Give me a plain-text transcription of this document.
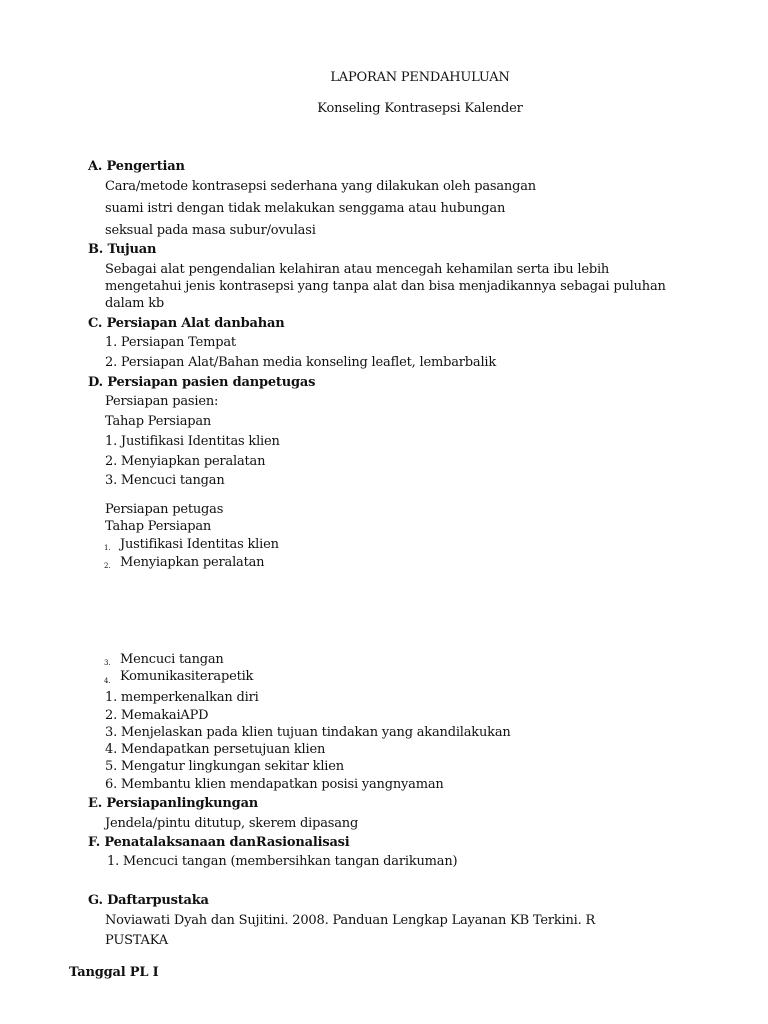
LAPORAN PENDAHULUAN
Konseling Kontrasepsi Kalender
A. Pengertian
Cara/metode kontrasepsi sederhana yang dilakukan oleh pasangan
suami istri dengan tidak melakukan senggama atau hubungan
seksual pada masa subur/ovulasi
B. Tujuan
Sebagai alat pengendalian kelahiran atau mencegah kehamilan serta ibu lebih
mengetahui jenis kontrasepsi yang tanpa alat dan bisa menjadikannya sebagai puluhan
dalam kb
C. Persiapan Alat danbahan
1. Persiapan Tempat
2. Persiapan Alat/Bahan media konseling leaflet, lembarbalik
D. Persiapan pasien danpetugas
Persiapan pasien:
Tahap Persiapan
1. Justifikasi Identitas klien
2. Menyiapkan peralatan
3. Mencuci tangan
Persiapan petugas
Tahap Persiapan
1. Justifikasi Identitas klien
2. Menyiapkan peralatan
3. Mencuci tangan
4. Komunikasiterapetik
1. memperkenalkan diri
2. MemakaiAPD
3. Menjelaskan pada klien tujuan tindakan yang akandilakukan
4. Mendapatkan persetujuan klien
5. Mengatur lingkungan sekitar klien
6. Membantu klien mendapatkan posisi yangnyaman
E. Persiapanlingkungan
Jendela/pintu ditutup, skerem dipasang
F. Penatalaksanaan danRasionalisasi
1. Mencuci tangan (membersihkan tangan darikuman)
G. Daftarpustaka
Noviawati Dyah dan Sujitini. 2008. Panduan Lengkap Layanan KB Terkini. R
PUSTAKA
Tanggal PL I
